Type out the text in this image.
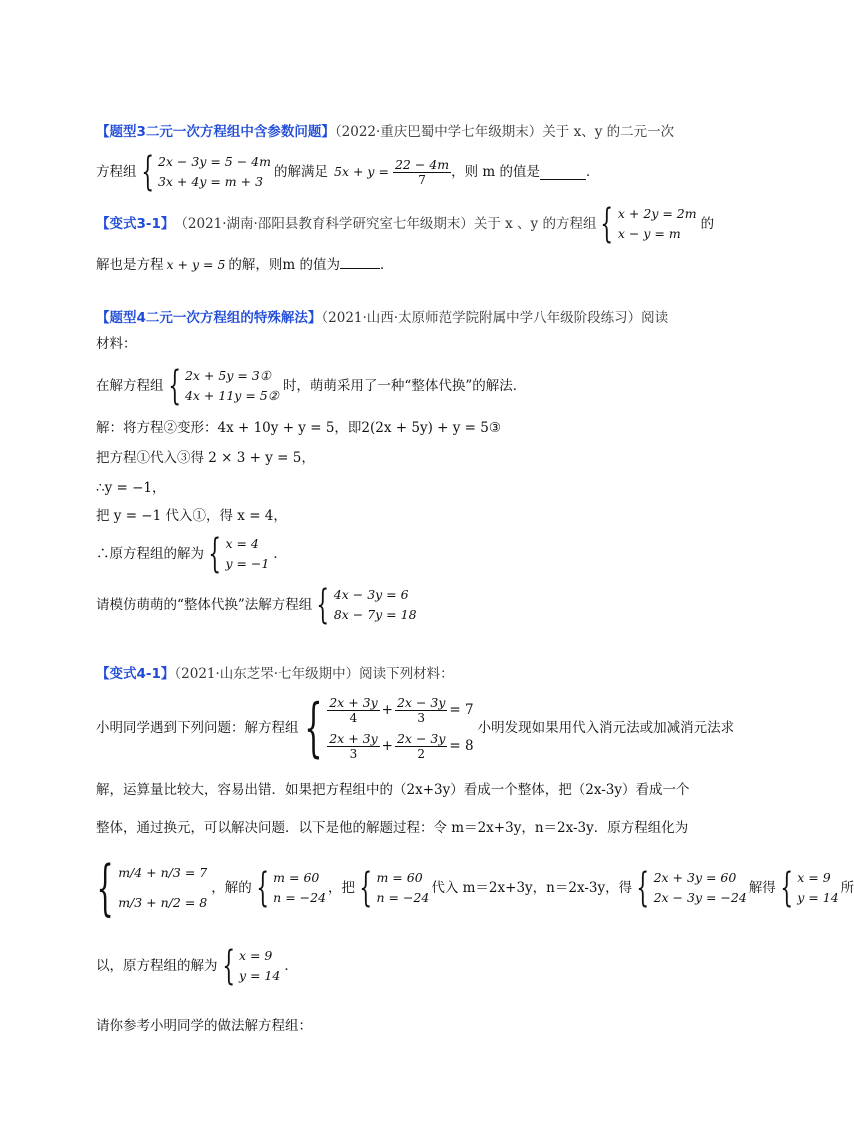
【题型3二元一次方程组中含参数问题】（2022·重庆巴蜀中学七年级期末）关于 x、y 的二元一次
方程组 { 2x − 3y = 5 − 4m
3x + 4y = m + 3
的解满足 $5x + y = \frac{22 - 4m}{7}$ ，则 m 的值是	．
【变式3-1】 （2021·湖南·邵阳县教育科学研究室七年级期末）关于 x 、y 的方程组 { x + 2y = 2m
x − y = m
的
解也是方程 x + y = 5 的解，则m 的值为	．
【题型4二元一次方程组的特殊解法】（2021·山西·太原师范学院附属中学八年级阶段练习）阅读
材料：
在解方程组 { 2x + 5y = 3①
4x + 11y = 5②
时，萌萌采用了一种“整体代换”的解法．
解：将方程②变形：4x + 10y + y = 5，即2(2x + 5y) + y = 5③
把方程①代入③得 2 × 3 + y = 5，
∴y = −1，
把 y = −1 代入①，得 x = 4，
∴原方程组的解为 { x = 4
y = −1
．
请模仿萌萌的“整体代换”法解方程组 { 4x − 3y = 6
8x − 7y = 18
【变式4-1】（2021·山东芝罘·七年级期中）阅读下列材料：
小明同学遇到下列问题：解方程组 { $\frac{2x + 3y}{4} + \frac{2x - 3y}{3} = 7$
$\frac{2x + 3y}{3} + \frac{2x - 3y}{2} = 8$
小明发现如果用代入消元法或加减消元法求
解，运算量比较大，容易出错．如果把方程组中的（2x+3y）看成一个整体，把（2x-3y）看成一个
整体，通过换元，可以解决问题．以下是他的解题过程：令 m＝2x+3y，n＝2x-3y．原方程组化为
{ m/4 + n/3 = 7
m/3 + n/2 = 8
，解的 { m = 60
n = −24
，把 { m = 60
n = −24
代入 m＝2x+3y，n＝2x-3y，得 { 2x + 3y = 60
2x − 3y = −24
解得 { x = 9
y = 14
所
以，原方程组的解为 { x = 9
y = 14
．
请你参考小明同学的做法解方程组：
